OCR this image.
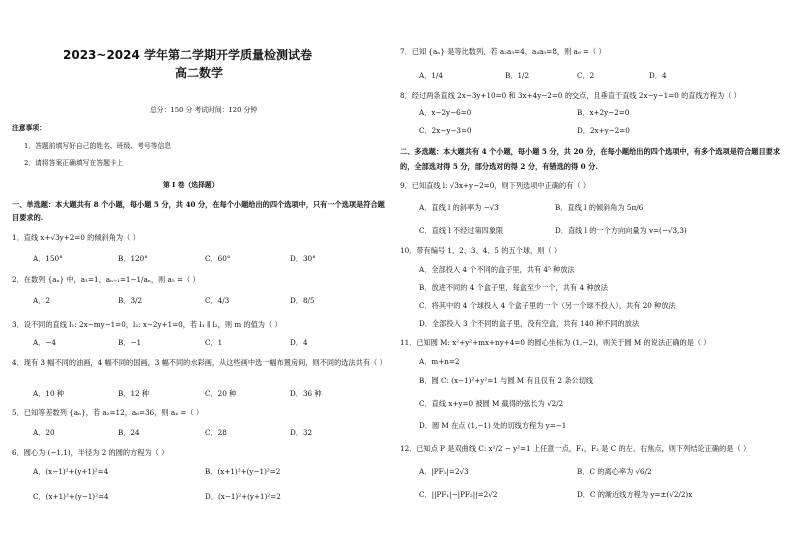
2023~2024 学年第二学期开学质量检测试卷
高二数学
总分：150 分 考试时间：120 分钟
注意事项：
1．答题前填写好自己的姓名、班级、考号等信息
2．请将答案正确填写在答题卡上
第 I 卷（选择题）
一、单选题：本大题共有 8 个小题，每小题 5 分，共 40 分，在每个小题给出的四个选项中，只有一个选项是符合题目要求的.
1．直线 x+√3y+2=0 的倾斜角为（ ）
A．150°	B．120°	C．60°	D．30°
2．在数列 {aₙ} 中，a₁=1，aₙ₊₁=1−1/aₙ，则 a₅ =（ ）
A．2	B．3/2	C．4/3	D．8/5
3．设不同的直线 l₁: 2x−my−1=0，l₂: x−2y+1=0，若 l₁ ∥ l₂，则 m 的值为（ ）
A．−4	B．−1	C．1	D．4
4．现有 3 幅不同的油画，4 幅不同的国画，3 幅不同的水彩画，从这些画中选一幅布置房间，则不同的选法共有（ ）
A．10 种	B．12 种	C．20 种	D．36 种
5．已知等差数列 {aₙ}，若 a₂=12，a₆=36，则 a₄ =（ ）
A．20	B．24	C．28	D．32
6．圆心为 (−1,1)，半径为 2 的圆的方程为（ ）
A．(x−1)²+(y+1)²=4	B．(x+1)²+(y−1)²=2
C．(x+1)²+(y−1)²=4	D．(x−1)²+(y+1)²=2
7．已知 {aₙ} 是等比数列，若 a₂a₃=4，a₄a₅=8，则 a₆ =（ ）
A．1/4	B．1/2	C．2	D．4
8．经过两条直线 2x−3y+10=0 和 3x+4y−2=0 的交点，且垂直于直线 2x−y−1=0 的直线方程为（ ）
A．x−2y−6=0	B．x+2y−2=0
C．2x−y−3=0	D．2x+y−2=0
二、多选题：本大题共有 4 个小题，每小题 5 分，共 20 分，在每小题给出的四个选项中，有多个选项是符合题目要求的，全部选对得 5 分，部分选对的得 2 分，有错选的得 0 分.
9．已知直线 l: √3x+y−2=0，则下列选项中正确的有（ ）
A．直线 l 的斜率为 −√3	B．直线 l 的倾斜角为 5π/6
C．直线 l 不经过第四象限	D．直线 l 的一个方向向量为 v=(−√3,3)
10．带有编号 1、2、3、4、5 的五个球，则（ ）
A．全部投入 4 个不同的盒子里，共有 4⁵ 种放法
B．放进不同的 4 个盒子里，每盒至少一个，共有 4 种放法
C．将其中的 4 个球投入 4 个盒子里的一个（另一个球不投入），共有 20 种放法
D．全部投入 3 个不同的盒子里，没有空盒，共有 140 种不同的放法
11．已知圆 M: x²+y²+mx+ny+4=0 的圆心坐标为 (1,−2)，则关于圆 M 的说法正确的是（ ）
A．m+n=2
B．圆 C: (x−1)²+y²=1 与圆 M 有且仅有 2 条公切线
C．直线 x+y=0 被圆 M 截得的弦长为 √2/2
D．圆 M 在点 (1,−1) 处的切线方程为 y=−1
12．已知点 P 是双曲线 C: x²/2 − y²=1 上任意一点，F₁，F₂ 是 C 的左、右焦点，则下列结论正确的是（ ）
A．|PF₁|=2√3	B．C 的离心率为 √6/2
C．||PF₁|−|PF₂||=2√2	D．C 的渐近线方程为 y=±(√2/2)x
